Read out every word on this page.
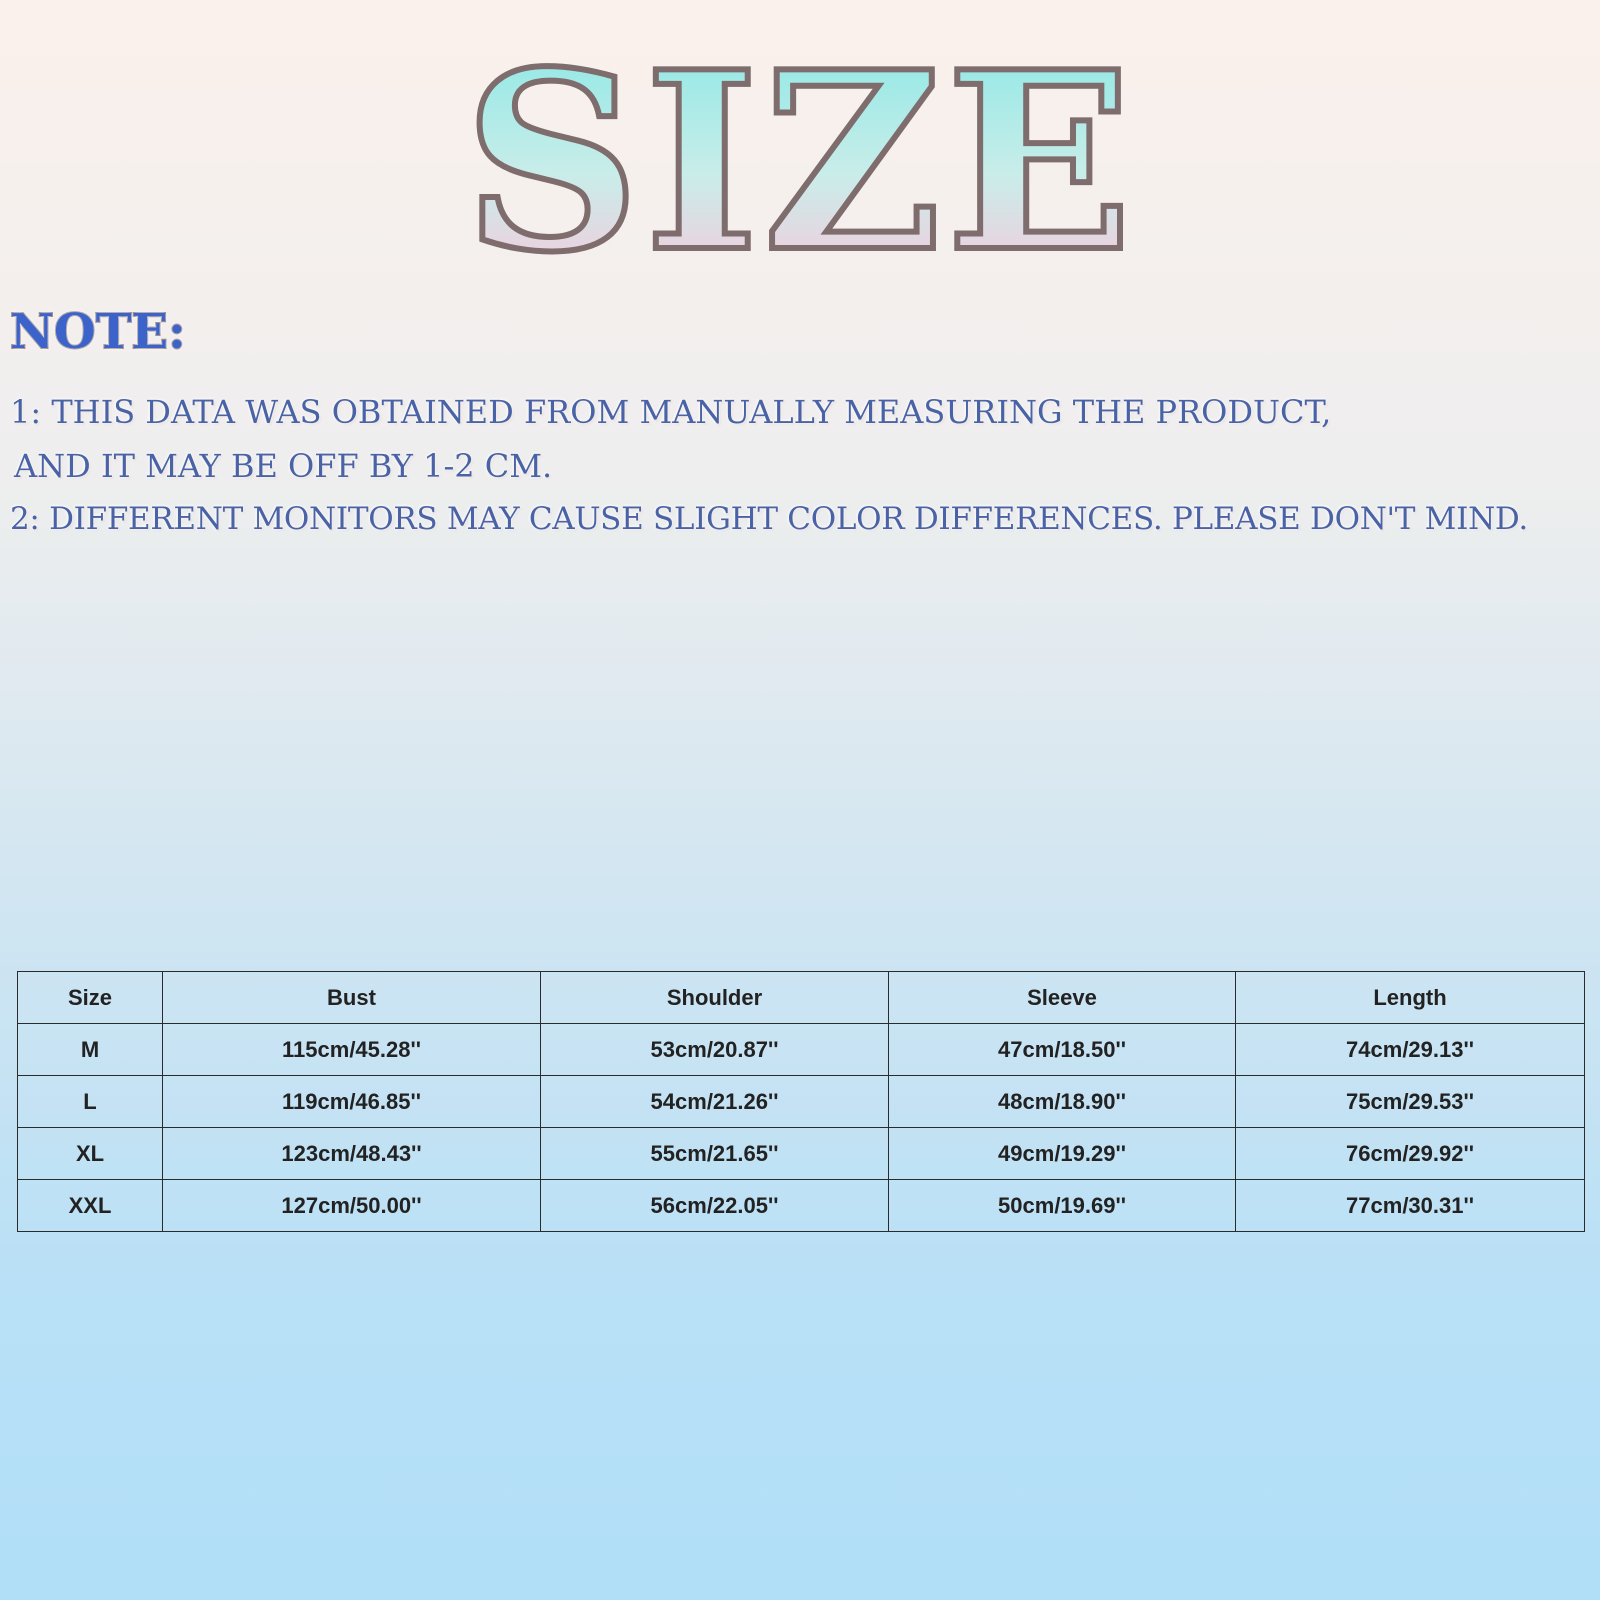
SIZE
NOTE:
1: THIS DATA WAS OBTAINED FROM MANUALLY MEASURING THE PRODUCT,
AND IT MAY BE OFF BY 1-2 CM.
2: DIFFERENT MONITORS MAY CAUSE SLIGHT COLOR DIFFERENCES. PLEASE DON'T MIND.
Size	Bust	Shoulder	Sleeve	Length
M	115cm/45.28''	53cm/20.87''	47cm/18.50''	74cm/29.13''
L	119cm/46.85''	54cm/21.26''	48cm/18.90''	75cm/29.53''
XL	123cm/48.43''	55cm/21.65''	49cm/19.29''	76cm/29.92''
XXL	127cm/50.00''	56cm/22.05''	50cm/19.69''	77cm/30.31''
